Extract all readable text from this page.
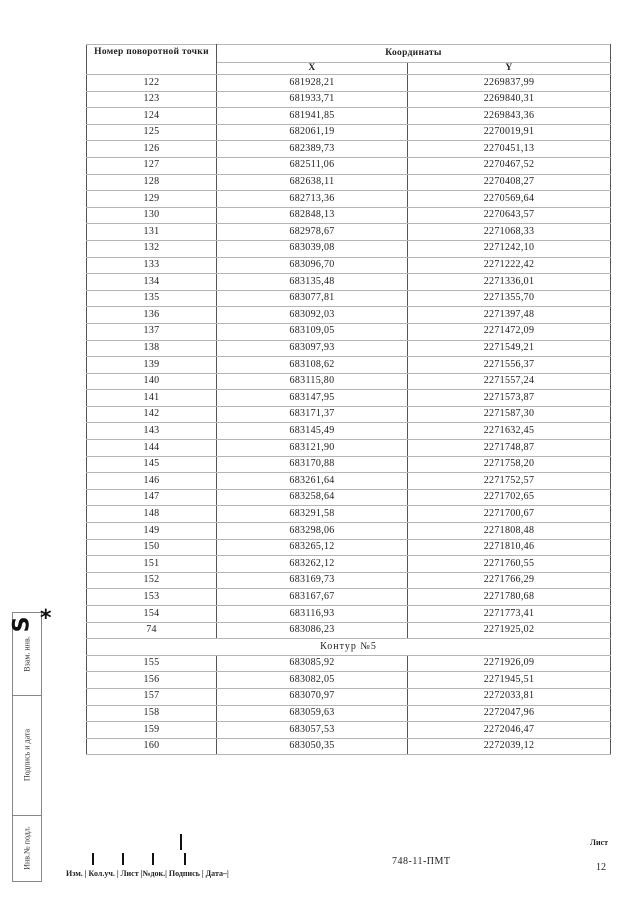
Номер поворотной точки	Координаты	
	X	Y
122	681928,21	2269837,99
123	681933,71	2269840,31
124	681941,85	2269843,36
125	682061,19	2270019,91
126	682389,73	2270451,13
127	682511,06	2270467,52
128	682638,11	2270408,27
129	682713,36	2270569,64
130	682848,13	2270643,57
131	682978,67	2271068,33
132	683039,08	2271242,10
133	683096,70	2271222,42
134	683135,48	2271336,01
135	683077,81	2271355,70
136	683092,03	2271397,48
137	683109,05	2271472,09
138	683097,93	2271549,21
139	683108,62	2271556,37
140	683115,80	2271557,24
141	683147,95	2271573,87
142	683171,37	2271587,30
143	683145,49	2271632,45
144	683121,90	2271748,87
145	683170,88	2271758,20
146	683261,64	2271752,57
147	683258,64	2271702,65
148	683291,58	2271700,67
149	683298,06	2271808,48
150	683265,12	2271810,46
151	683262,12	2271760,55
152	683169,73	2271766,29
153	683167,67	2271780,68
154	683116,93	2271773,41
74	683086,23	2271925,02
Контур №5		
155	683085,92	2271926,09
156	683082,05	2271945,51
157	683070,97	2272033,81
158	683059,63	2272047,96
159	683057,53	2272046,47
160	683050,35	2272039,12
Взам. инв.
Подпись и дата
Инв.№ подл.
S *
Изм. | Кол.уч. | Лист |№док.| Подпись | Дата–|
748-11-ПМТ
Лист
12
